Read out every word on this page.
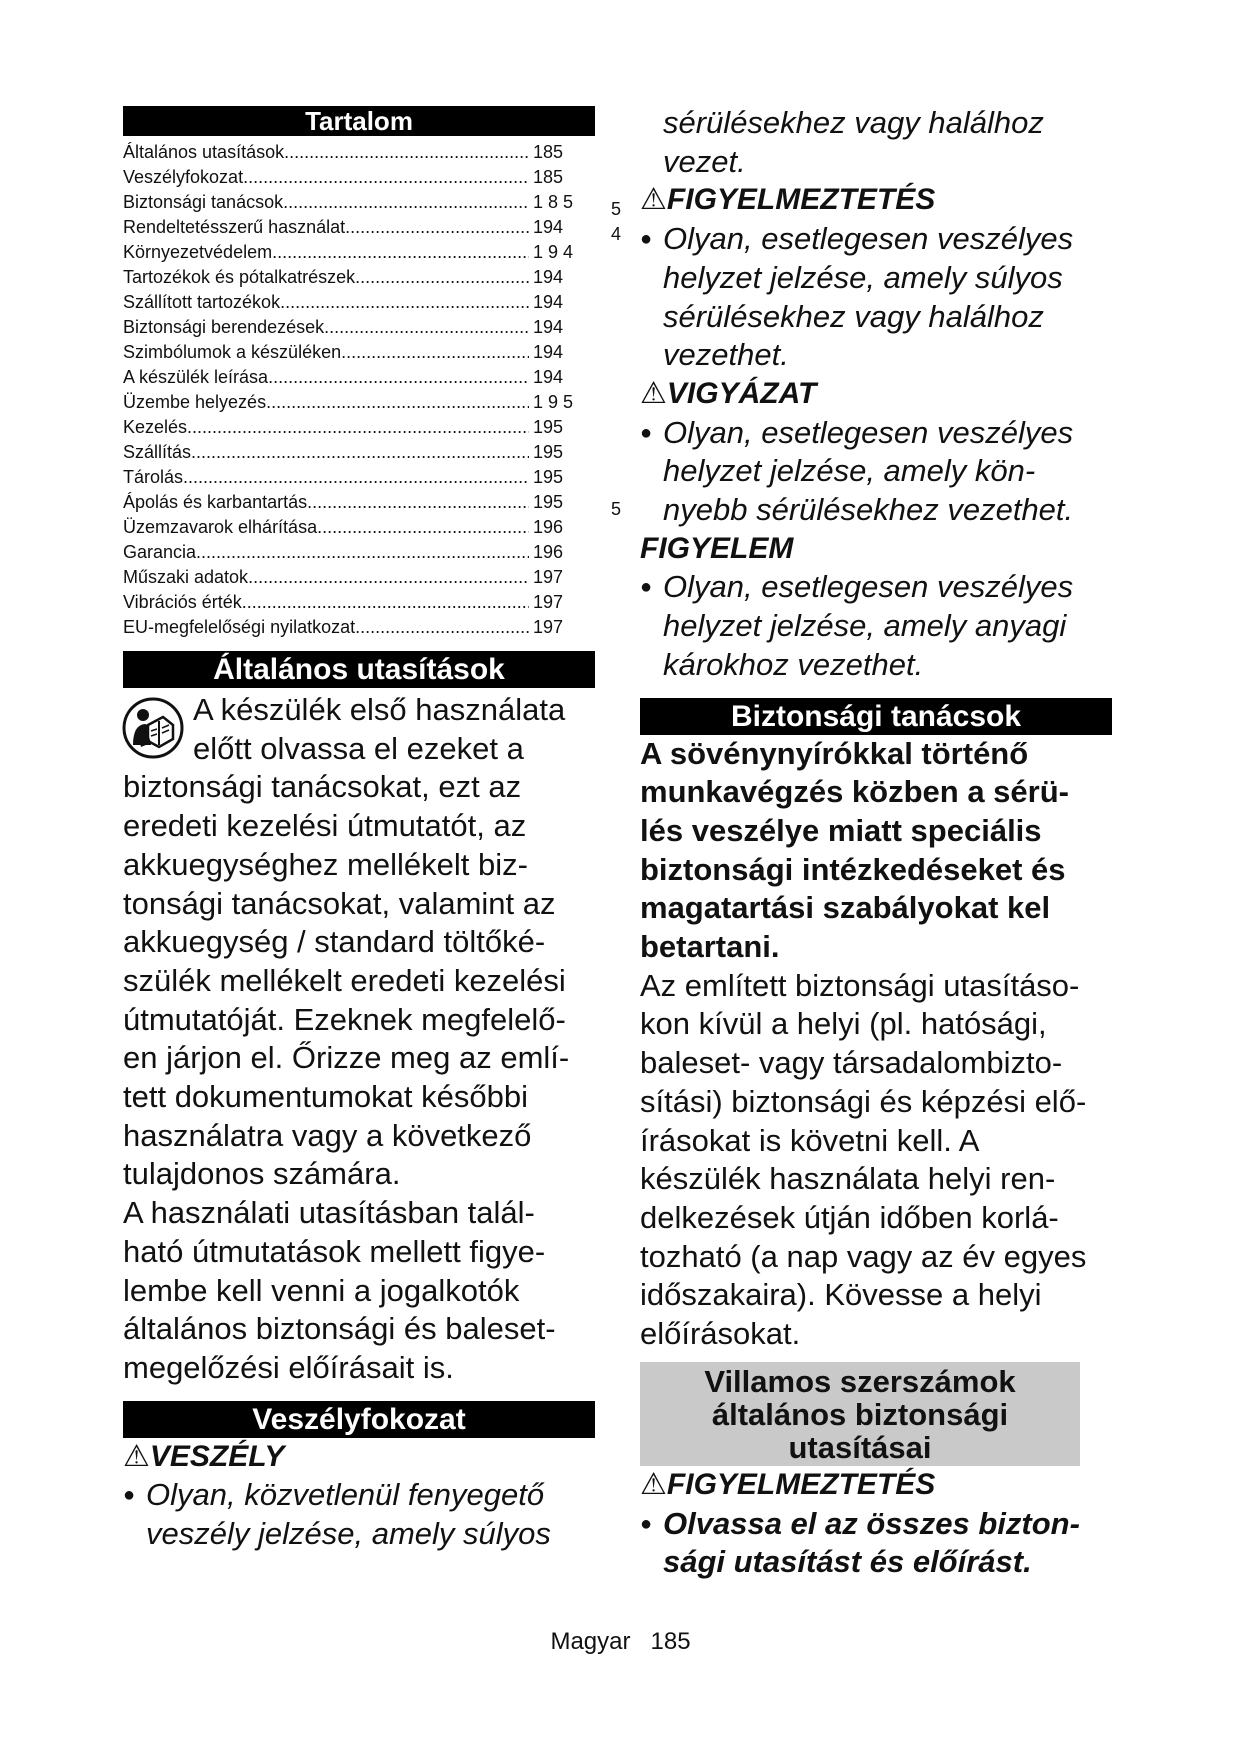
Tartalom
Általános utasítások .....	185
Veszélyfokozat .....	185
Biztonsági tanácsok .....	1 8 5
Rendeltetésszerű használat .....	194
Környezetvédelem .....	1 9 4
Tartozékok és pótalkatrészek .....	194
Szállított tartozékok .....	194
Biztonsági berendezések .....	194
Szimbólumok a készüléken .....	194
A készülék leírása .....	194
Üzembe helyezés .....	1 9 5
Kezelés .....	195
Szállítás .....	195
Tárolás .....	195
Ápolás és karbantartás .....	195
Üzemzavarok elhárítása .....	196
Garancia .....	196
Műszaki adatok .....	197
Vibrációs érték .....	197
EU-megfelelőségi nyilatkozat .....	197
Általános utasítások
A készülék első használata
előtt olvassa el ezeket a
biztonsági tanácsokat, ezt az
eredeti kezelési útmutatót, az
akkuegységhez mellékelt biz-
tonsági tanácsokat, valamint az
akkuegység / standard töltőké-
szülék mellékelt eredeti kezelési
útmutatóját. Ezeknek megfelelő-
en járjon el. Őrizze meg az emlí-
tett dokumentumokat későbbi
használatra vagy a következő
tulajdonos számára.
A használati utasításban talál-
ható útmutatások mellett figye-
lembe kell venni a jogalkotók
általános biztonsági és baleset-
megelőzési előírásait is.
Veszélyfokozat
⚠VESZÉLY
● Olyan, közvetlenül fenyegető
veszély jelzése, amely súlyos
5
4
5
sérülésekhez vagy halálhoz
vezet.
⚠FIGYELMEZTETÉS
● Olyan, esetlegesen veszélyes
helyzet jelzése, amely súlyos
sérülésekhez vagy halálhoz
vezethet.
⚠VIGYÁZAT
● Olyan, esetlegesen veszélyes
helyzet jelzése, amely kön-
nyebb sérülésekhez vezethet.
FIGYELEM
● Olyan, esetlegesen veszélyes
helyzet jelzése, amely anyagi
károkhoz vezethet.
Biztonsági tanácsok
A sövénynyírókkal történő
munkavégzés közben a sérü-
lés veszélye miatt speciális
biztonsági intézkedéseket és
magatartási szabályokat kel
betartani.
Az említett biztonsági utasításo-
kon kívül a helyi (pl. hatósági,
baleset- vagy társadalombizto-
sítási) biztonsági és képzési elő-
írásokat is követni kell. A
készülék használata helyi ren-
delkezések útján időben korlá-
tozható (a nap vagy az év egyes
időszakaira). Kövesse a helyi
előírásokat.
Villamos szerszámok
általános biztonsági
utasításai
⚠FIGYELMEZTETÉS
● Olvassa el az összes bizton-
sági utasítást és előírást.
Magyar 185
